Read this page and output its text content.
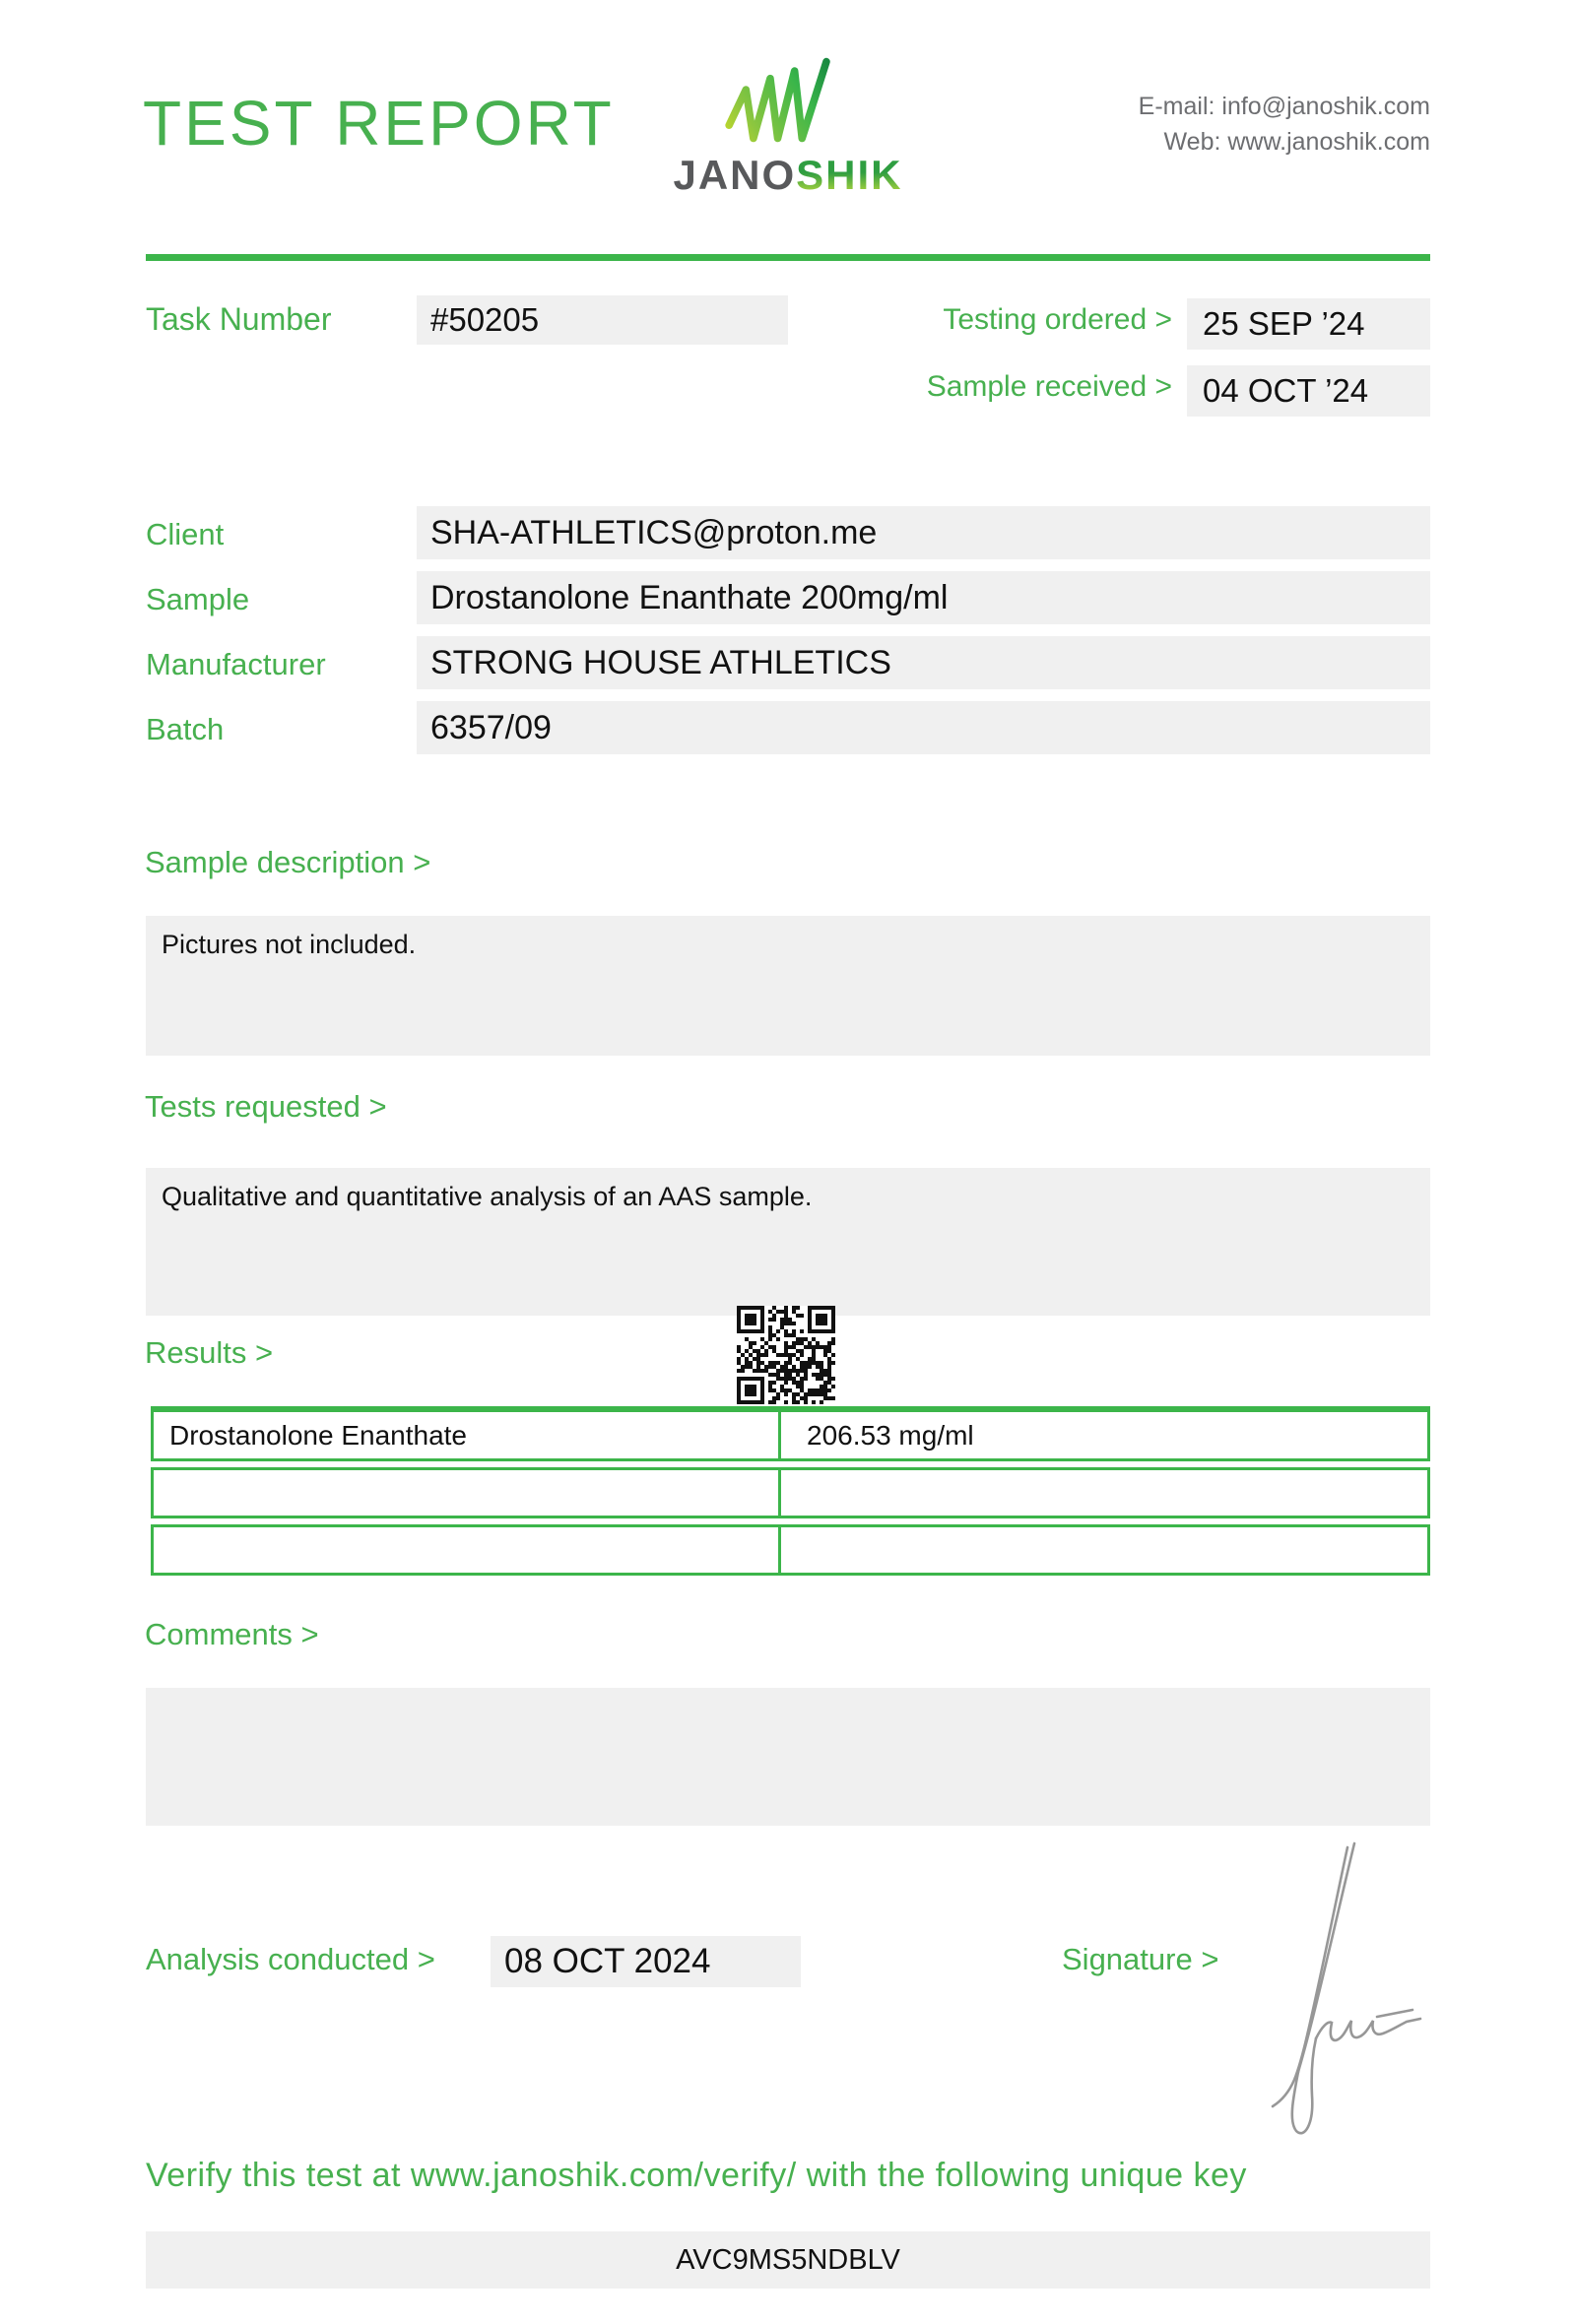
TEST REPORT
JANOSHIK
E-mail: info@janoshik.com
Web: www.janoshik.com
Task Number	#50205	Testing ordered > 25 SEP ’24
Sample received > 04 OCT ’24
Client	SHA-ATHLETICS@proton.me
Sample	Drostanolone Enanthate 200mg/ml
Manufacturer	STRONG HOUSE ATHLETICS
Batch	6357/09
Sample description >
Pictures not included.
Tests requested >
Qualitative and quantitative analysis of an AAS sample.
Results >
Drostanolone Enanthate	206.53 mg/ml
Comments >
Analysis conducted >	08 OCT 2024	Signature >
Verify this test at www.janoshik.com/verify/ with the following unique key
AVC9MS5NDBLV
